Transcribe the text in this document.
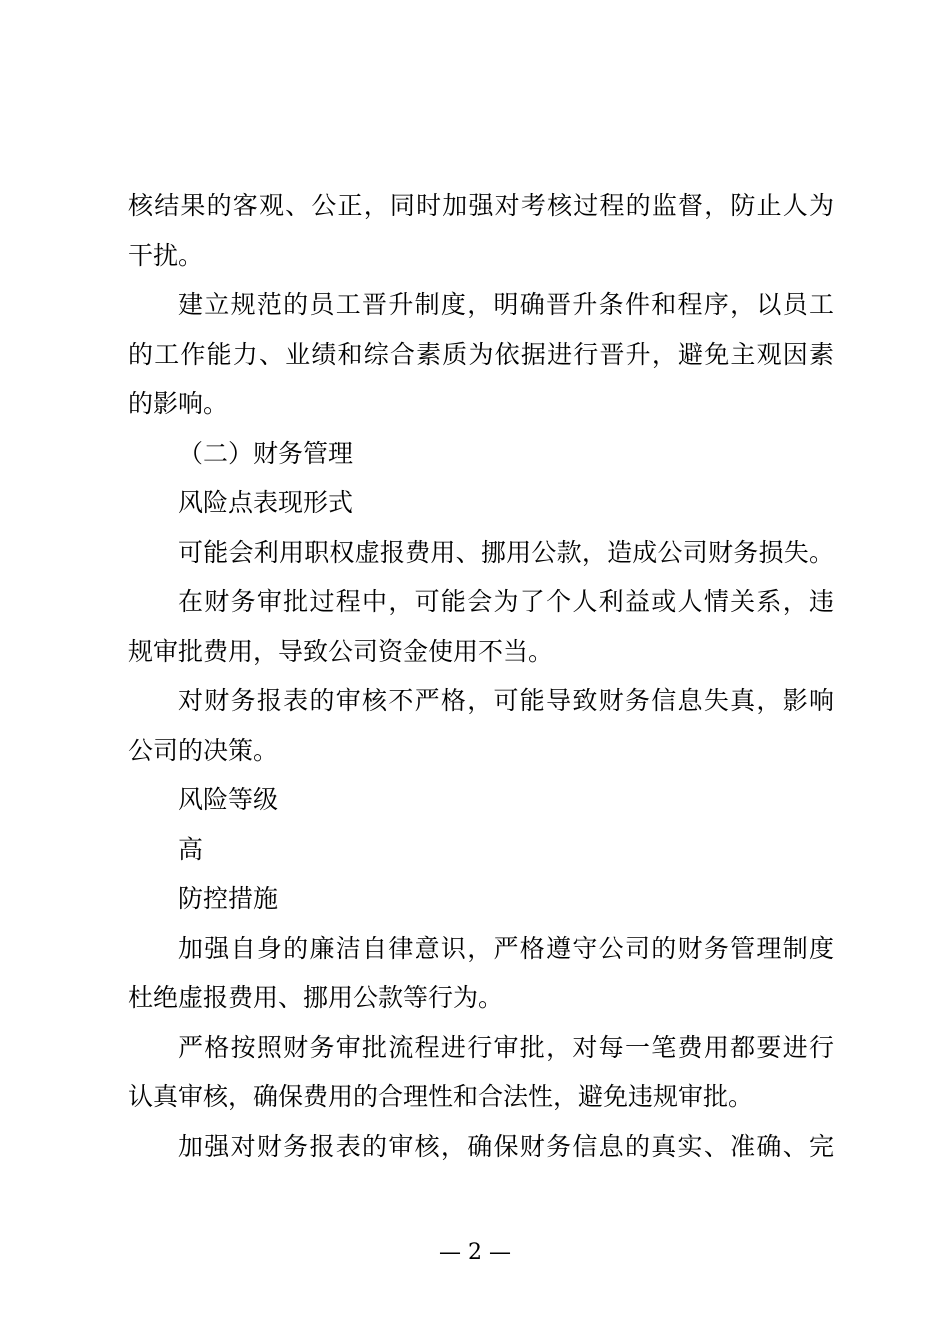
核结果的客观、公正，同时加强对考核过程的监督，防止人为

干扰。

建立规范的员工晋升制度，明确晋升条件和程序，以员工

的工作能力、业绩和综合素质为依据进行晋升，避免主观因素

的影响。

（二）财务管理

风险点表现形式

可能会利用职权虚报费用、挪用公款，造成公司财务损失。

在财务审批过程中，可能会为了个人利益或人情关系，违

规审批费用，导致公司资金使用不当。

对财务报表的审核不严格，可能导致财务信息失真，影响

公司的决策。

风险等级

高

防控措施

加强自身的廉洁自律意识，严格遵守公司的财务管理制度

杜绝虚报费用、挪用公款等行为。

严格按照财务审批流程进行审批，对每一笔费用都要进行

认真审核，确保费用的合理性和合法性，避免违规审批。

加强对财务报表的审核，确保财务信息的真实、准确、完

— 2 —
